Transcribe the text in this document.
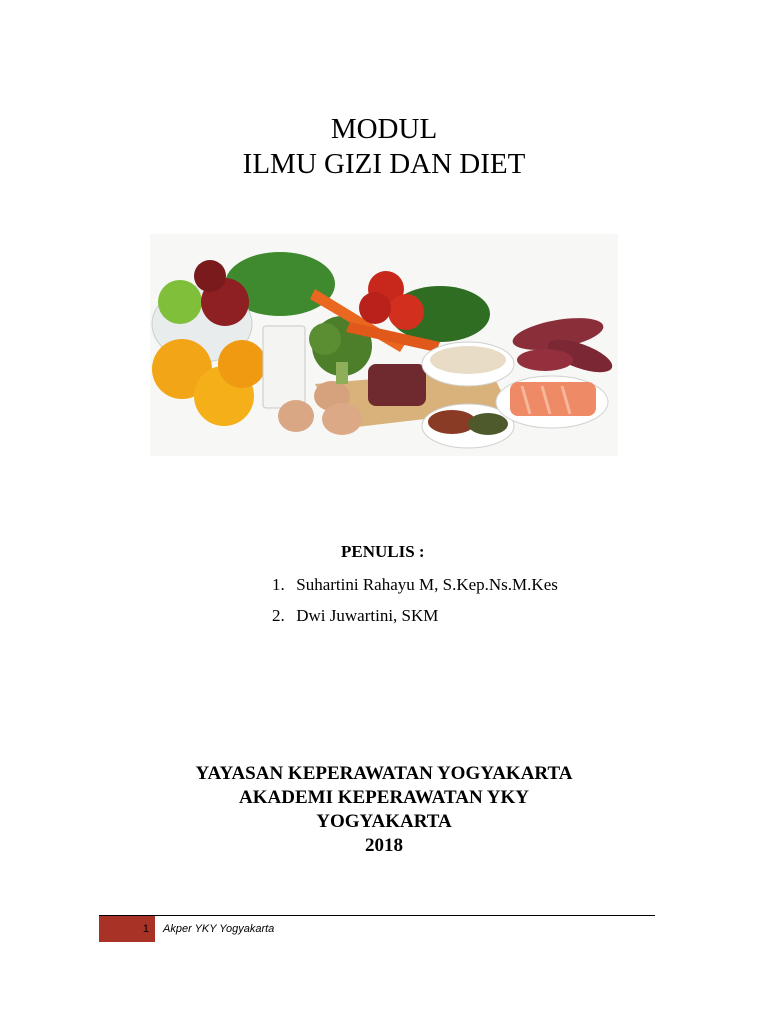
MODUL
ILMU GIZI DAN DIET
PENULIS :
1. Suhartini Rahayu M, S.Kep.Ns.M.Kes
2. Dwi Juwartini, SKM
YAYASAN KEPERAWATAN YOGYAKARTA
AKADEMI KEPERAWATAN YKY
YOGYAKARTA
2018
1	Akper YKY Yogyakarta
